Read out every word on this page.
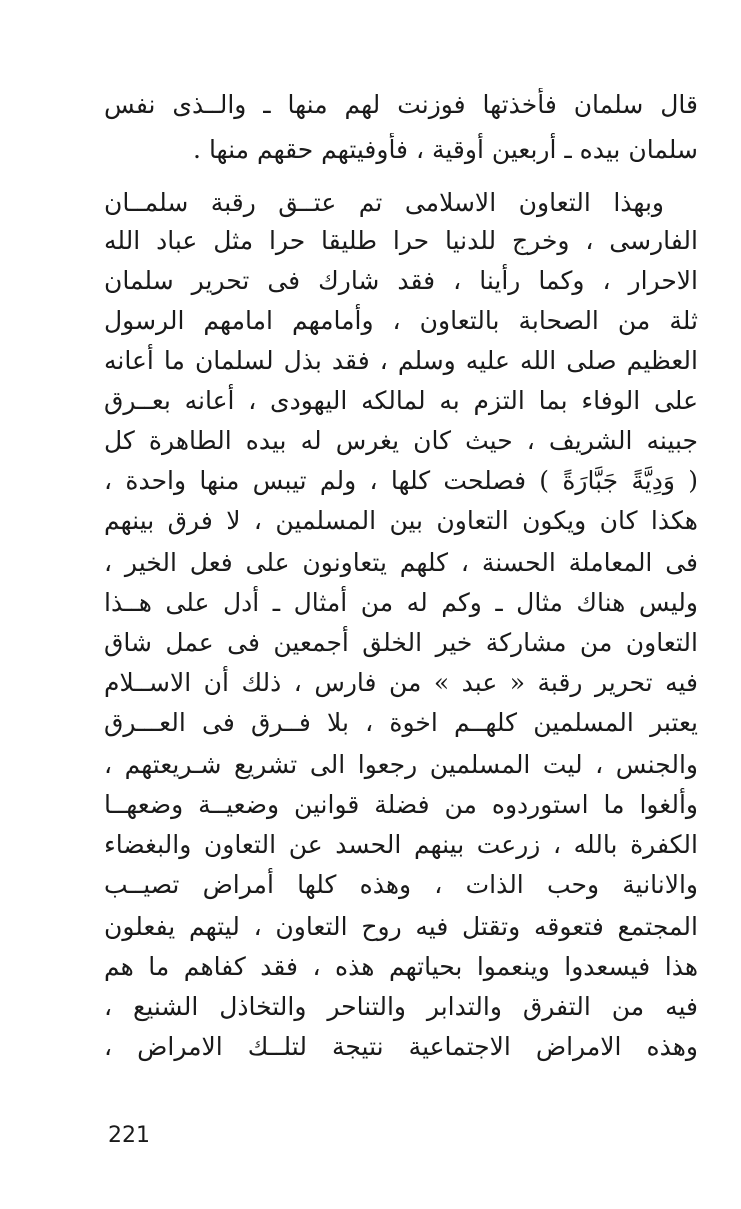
قال سلمان فأخذتها فوزنت لهم منها ـ والــذى نفس
سلمان بيده ـ أربعين أوقية ، فأوفيتهم حقهم منها .
وبهذا التعاون الاسلامى تم عتــق رقبة سلمــان
الفارسى ، وخرج للدنيا حرا طليقا حرا مثل عباد الله
الاحرار ، وكما رأينا ، فقد شارك فى تحرير سلمان
ثلة من الصحابة بالتعاون ، وأمامهم امامهم الرسول
العظيم صلى الله عليه وسلم ، فقد بذل لسلمان ما أعانه
على الوفاء بما التزم به لمالكه اليهودى ، أعانه بعــرق
جبينه الشريف ، حيث كان يغرس له بيده الطاهرة كل
( وَدِيَّةً جَبَّارَةً ) فصلحت كلها ، ولم تيبس منها واحدة ،
هكذا كان ويكون التعاون بين المسلمين ، لا فرق بينهم
فى المعاملة الحسنة ، كلهم يتعاونون على فعل الخير ،
وليس هناك مثال ـ وكم له من أمثال ـ أدل على هــذا
التعاون من مشاركة خير الخلق أجمعين فى عمل شاق
فيه تحرير رقبة « عبد » من فارس ، ذلك أن الاســلام
يعتبر المسلمين كلهــم اخوة ، بلا فــرق فى العـــرق
والجنس ، ليت المسلمين رجعوا الى تشريع شـريعتهم ،
وألغوا ما استوردوه من فضلة قوانين وضعيــة وضعهــا
الكفرة بالله ، زرعت بينهم الحسد عن التعاون والبغضاء
والانانية وحب الذات ، وهذه كلها أمراض تصيــب
المجتمع فتعوقه وتقتل فيه روح التعاون ، ليتهم يفعلون
هذا فيسعدوا وينعموا بحياتهم هذه ، فقد كفاهم ما هم
فيه من التفرق والتدابر والتناحر والتخاذل الشنيع ،
وهذه الامراض الاجتماعية نتيجة لتلــك الامراض ،
221
